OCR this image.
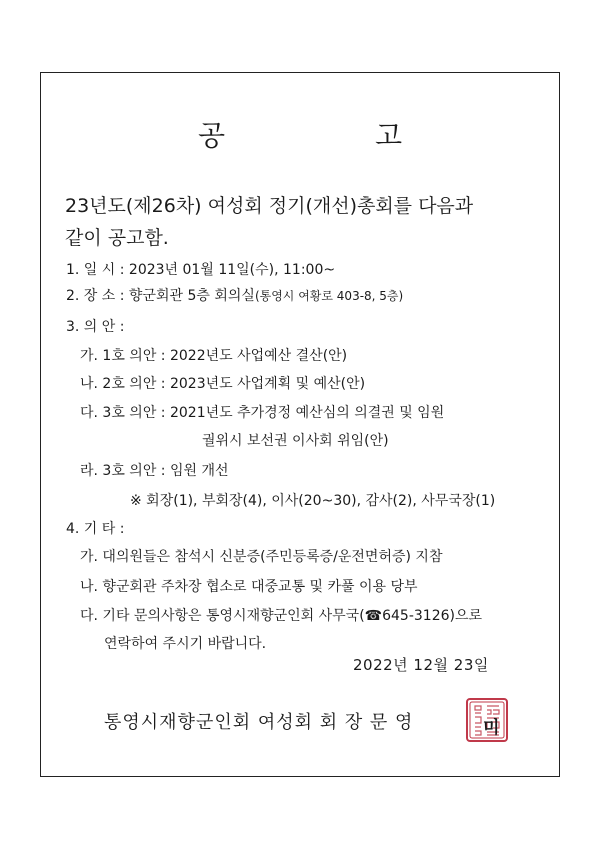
공	고
23년도(제26차) 여성회 정기(개선)총회를 다음과
같이 공고함.
1. 일 시 : 2023년 01월 11일(수), 11:00~
2. 장 소 : 향군회관 5층 회의실(통영시 여황로 403-8, 5층)
3. 의 안 :
가. 1호 의안 : 2022년도 사업예산 결산(안)
나. 2호 의안 : 2023년도 사업계획 및 예산(안)
다. 3호 의안 : 2021년도 추가경정 예산심의 의결권 및 임원
궐위시 보선권 이사회 위임(안)
라. 3호 의안 : 임원 개선
※ 회장(1), 부회장(4), 이사(20~30), 감사(2), 사무국장(1)
4. 기 타 :
가. 대의원들은 참석시 신분증(주민등록증/운전면허증) 지참
나. 향군회관 주차장 협소로 대중교통 및 카풀 이용 당부
다. 기타 문의사항은 통영시재향군인회 사무국(☎645-3126)으로
연락하여 주시기 바랍니다.
2022년 12월 23일
통영시재향군인회 여성회 회 장 문 영	미
